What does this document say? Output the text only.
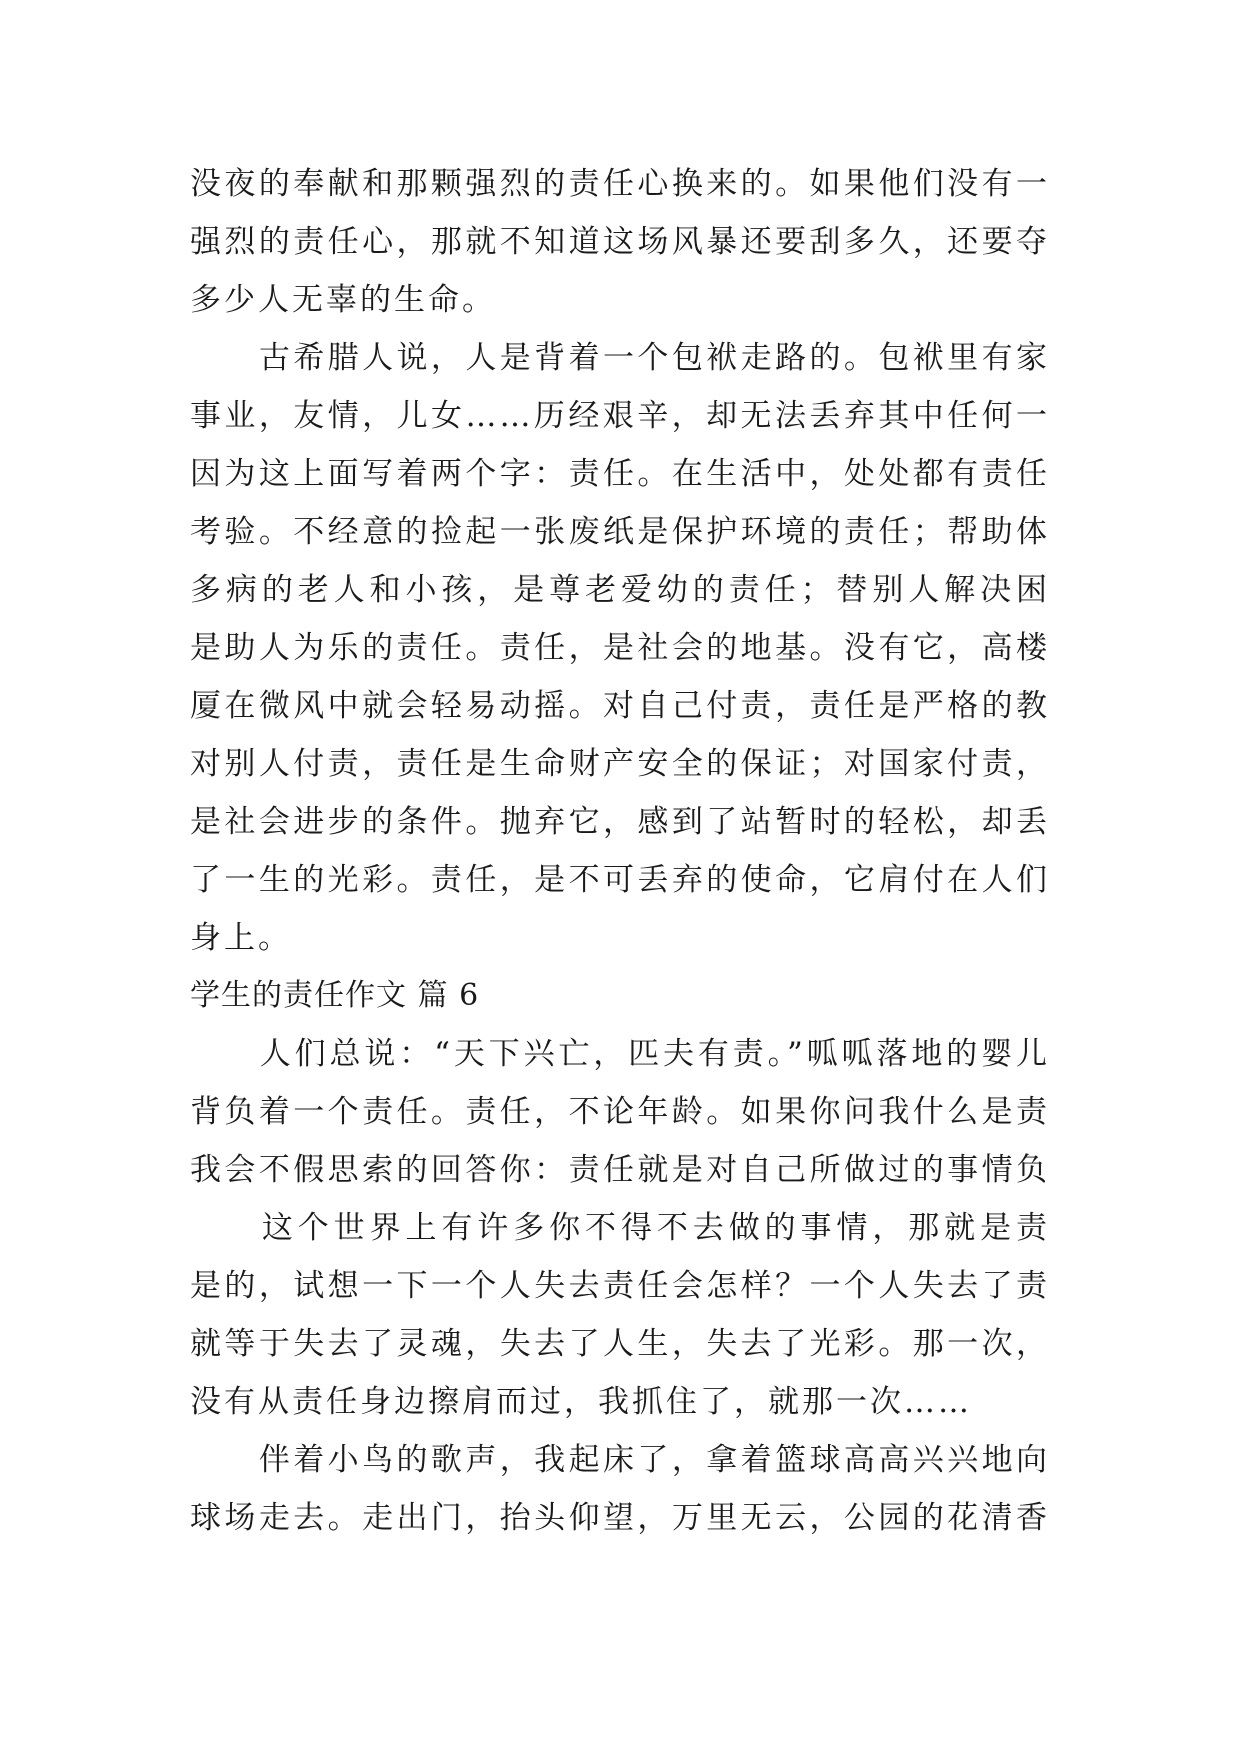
没夜的奉献和那颗强烈的责任心换来的。如果他们没有一
强烈的责任心，那就不知道这场风暴还要刮多久，还要夺
多少人无辜的生命。
　　古希腊人说，人是背着一个包袱走路的。包袱里有家
事业，友情，儿女……历经艰辛，却无法丢弃其中任何一
因为这上面写着两个字：责任。在生活中，处处都有责任
考验。不经意的捡起一张废纸是保护环境的责任；帮助体
多病的老人和小孩，是尊老爱幼的责任；替别人解决困
是助人为乐的责任。责任，是社会的地基。没有它，高楼
厦在微风中就会轻易动摇。对自己付责，责任是严格的教
对别人付责，责任是生命财产安全的保证；对国家付责，
是社会进步的条件。抛弃它，感到了站暂时的轻松，却丢
了一生的光彩。责任，是不可丢弃的使命，它肩付在人们
身上。
学生的责任作文 篇 6
　　人们总说：“天下兴亡，匹夫有责。”呱呱落地的婴儿
背负着一个责任。责任，不论年龄。如果你问我什么是责
我会不假思索的回答你：责任就是对自己所做过的事情负
　　这个世界上有许多你不得不去做的事情，那就是责
是的，试想一下一个人失去责任会怎样？一个人失去了责
就等于失去了灵魂，失去了人生，失去了光彩。那一次，
没有从责任身边擦肩而过，我抓住了，就那一次……
　　伴着小鸟的歌声，我起床了，拿着篮球高高兴兴地向
球场走去。走出门，抬头仰望，万里无云，公园的花清香
